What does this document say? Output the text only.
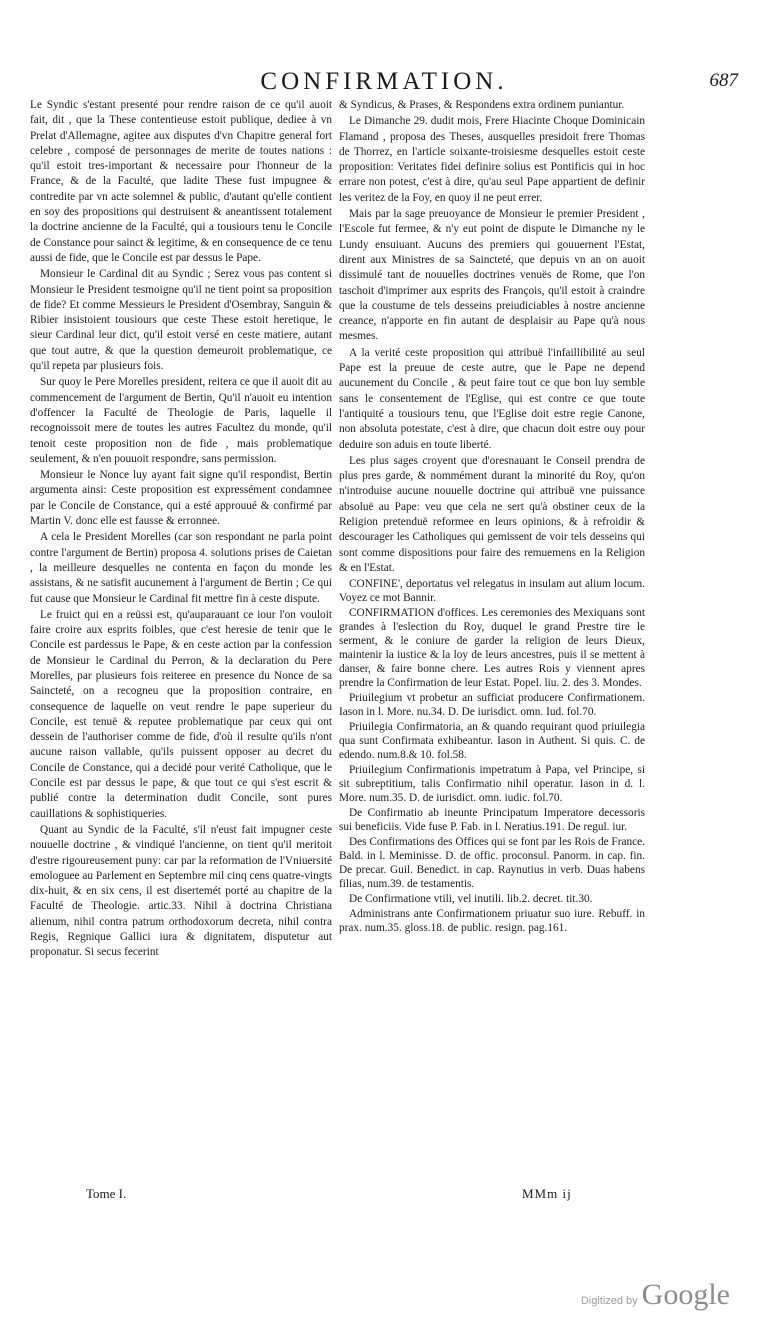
CONFIRMATION.	687

Le Syndic s'estant presenté pour rendre raison de ce qu'il auoit fait, dit , que la These contentieuse estoit publique, dediee à vn Prelat d'Allemagne, agitee aux disputes d'vn Chapitre general fort celebre , composé de personnages de merite de toutes nations : qu'il estoit tres-important & necessaire pour l'honneur de la France, & de la Faculté, que ladite These fust impugnee & contredite par vn acte solemnel & public, d'autant qu'elle contient en soy des propositions qui destruisent & aneantissent totalement la doctrine ancienne de la Faculté, qui a tousiours tenu le Concile de Constance pour sainct & legitime, & en consequence de ce tenu aussi de fide, que le Concile est par dessus le Pape.

Monsieur le Cardinal dit au Syndic ; Serez vous pas content si Monsieur le President tesmoigne qu'il ne tient point sa proposition de fide? Et comme Messieurs le President d'Osembray, Sanguin & Ribier insistoient tousiours que ceste These estoit heretique, le sieur Cardinal leur dict, qu'il estoit versé en ceste matiere, autant que tout autre, & que la question demeuroit problematique, ce qu'il repeta par plusieurs fois.

Sur quoy le Pere Morelles president, reitera ce que il auoit dit au commencement de l'argument de Bertin, Qu'il n'auoit eu intention d'offencer la Faculté de Theologie de Paris, laquelle il recognoissoit mere de toutes les autres Facultez du monde, qu'il tenoit ceste proposition non de fide , mais problematique seulement, & n'en pouuoit respondre, sans permission.

Monsieur le Nonce luy ayant fait signe qu'il respondist, Bertin argumenta ainsi: Ceste proposition est expressément condamnee par le Concile de Constance, qui a esté approuué & confirmé par Martin V. donc elle est fausse & erronnee.

A cela le President Morelles (car son respondant ne parla point contre l'argument de Bertin) proposa 4. solutions prises de Caietan , la meilleure desquelles ne contenta en façon du monde les assistans, & ne satisfit aucunement à l'argument de Bertin ; Ce qui fut cause que Monsieur le Cardinal fit mettre fin à ceste dispute.

Le fruict qui en a reüssi est, qu'auparauant ce iour l'on vouloit faire croire aux esprits foibles, que c'est heresie de tenir que le Concile est pardessus le Pape, & en ceste action par la confession de Monsieur le Cardinal du Perron, & la declaration du Pere Morelles, par plusieurs fois reiteree en presence du Nonce de sa Saincteté, on a recogneu que la proposition contraire, en consequence de laquelle on veut rendre le pape superieur du Concile, est tenuë & reputee problematique par ceux qui ont dessein de l'authoriser comme de fide, d'où il resulte qu'ils n'ont aucune raison vallable, qu'ils puissent opposer au decret du Concile de Constance, qui a decidé pour verité Catholique, que le Concile est par dessus le pape, & que tout ce qui s'est escrit & publié contre la determination dudit Concile, sont pures cauillations & sophistiqueries.

Quant au Syndic de la Faculté, s'il n'eust fait impugner ceste nouuelle doctrine , & vindiqué l'ancienne, on tient qu'il meritoit d'estre rigoureusement puny: car par la reformation de l'Vniuersité emologuee au Parlement en Septembre mil cinq cens quatre-vingts dix-huit, & en six cens, il est disertemét porté au chapitre de la Faculté de Theologie. artic.33. Nihil à doctrina Christiana alienum, nihil contra patrum orthodoxorum decreta, nihil contra Regis, Regnique Gallici iura & dignitatem, disputetur aut proponatur. Si secus fecerint

& Syndicus, & Prases, & Respondens extra ordinem puniantur.

Le Dimanche 29. dudit mois, Frere Hiacinte Choque Dominicain Flamand , proposa des Theses, ausquelles presidoit frere Thomas de Thorrez, en l'article soixante-troisiesme desquelles estoit ceste proposition: Veritates fidei definire solius est Pontificis qui in hoc errare non potest, c'est à dire, qu'au seul Pape appartient de definir les veritez de la Foy, en quoy il ne peut errer.

Mais par la sage preuoyance de Monsieur le premier President , l'Escole fut fermee, & n'y eut point de dispute le Dimanche ny le Lundy ensuiuant. Aucuns des premiers qui gouuernent l'Estat, dirent aux Ministres de sa Saincteté, que depuis vn an on auoit dissimulé tant de nouuelles doctrines venuës de Rome, que l'on taschoit d'imprimer aux esprits des François, qu'il estoit à craindre que la coustume de tels desseins preiudiciables à nostre ancienne creance, n'apporte en fin autant de desplaisir au Pape qu'à nous mesmes.

A la verité ceste proposition qui attribuë l'infaillibilité au seul Pape est la preuue de ceste autre, que le Pape ne depend aucunement du Concile , & peut faire tout ce que bon luy semble sans le consentement de l'Eglise, qui est contre ce que toute l'antiquité a tousiours tenu, que l'Eglise doit estre regie Canone, non absoluta potestate, c'est à dire, que chacun doit estre ouy pour deduire son aduis en toute liberté.

Les plus sages croyent que d'oresnauant le Conseil prendra de plus pres garde, & nommément durant la minorité du Roy, qu'on n'introduise aucune nouuelle doctrine qui attribuë vne puissance absoluë au Pape: veu que cela ne sert qu'à obstiner ceux de la Religion pretenduë reformee en leurs opinions, & à refroidir & descourager les Catholiques qui gemissent de voir tels desseins qui sont comme dispositions pour faire des remuemens en la Religion & en l'Estat.

CONFINE', deportatus vel relegatus in insulam aut alium locum. Voyez ce mot Bannir.

CONFIRMATION d'offices. Les ceremonies des Mexiquans sont grandes à l'eslection du Roy, duquel le grand Prestre tire le serment, & le coniure de garder la religion de leurs Dieux, maintenir la iustice & la loy de leurs ancestres, puis il se mettent à danser, & faire bonne chere. Les autres Rois y viennent apres prendre la Confirmation de leur Estat. Popel. liu. 2. des 3. Mondes.

Priuilegium vt probetur an sufficiat producere Confirmationem. Iason in l. More. nu.34. D. De iurisdict. omn. Iud. fol.70.

Priuilegia Confirmatoria, an & quando requirant quod priuilegia qua sunt Confirmata exhibeantur. Iason in Authent. Si quis. C. de edendo. num.8.& 10. fol.58.

Priuilegium Confirmationis impetratum à Papa, vel Principe, si sit subreptitium, talis Confirmatio nihil operatur. Iason in d. l. More. num.35. D. de iurisdict. omn. iudic. fol.70.

De Confirmatio ab ineunte Principatum Imperatore decessoris sui beneficiis. Vide fuse P. Fab. in l. Neratius.191. De regul. iur.

Des Confirmations des Offices qui se font par les Rois de France. Bald. in l. Meminisse. D. de offic. proconsul. Panorm. in cap. fin. De precar. Guil. Benedict. in cap. Raynutius in verb. Duas habens filias, num.39. de testamentis.

De Confirmatione vtili, vel inutili. lib.2. decret. tit.30.

Administrans ante Confirmationem priuatur suo iure. Rebuff. in prax. num.35. gloss.18. de public. resign. pag.161.

Tome I.	MMm ij
Digitized by Google
